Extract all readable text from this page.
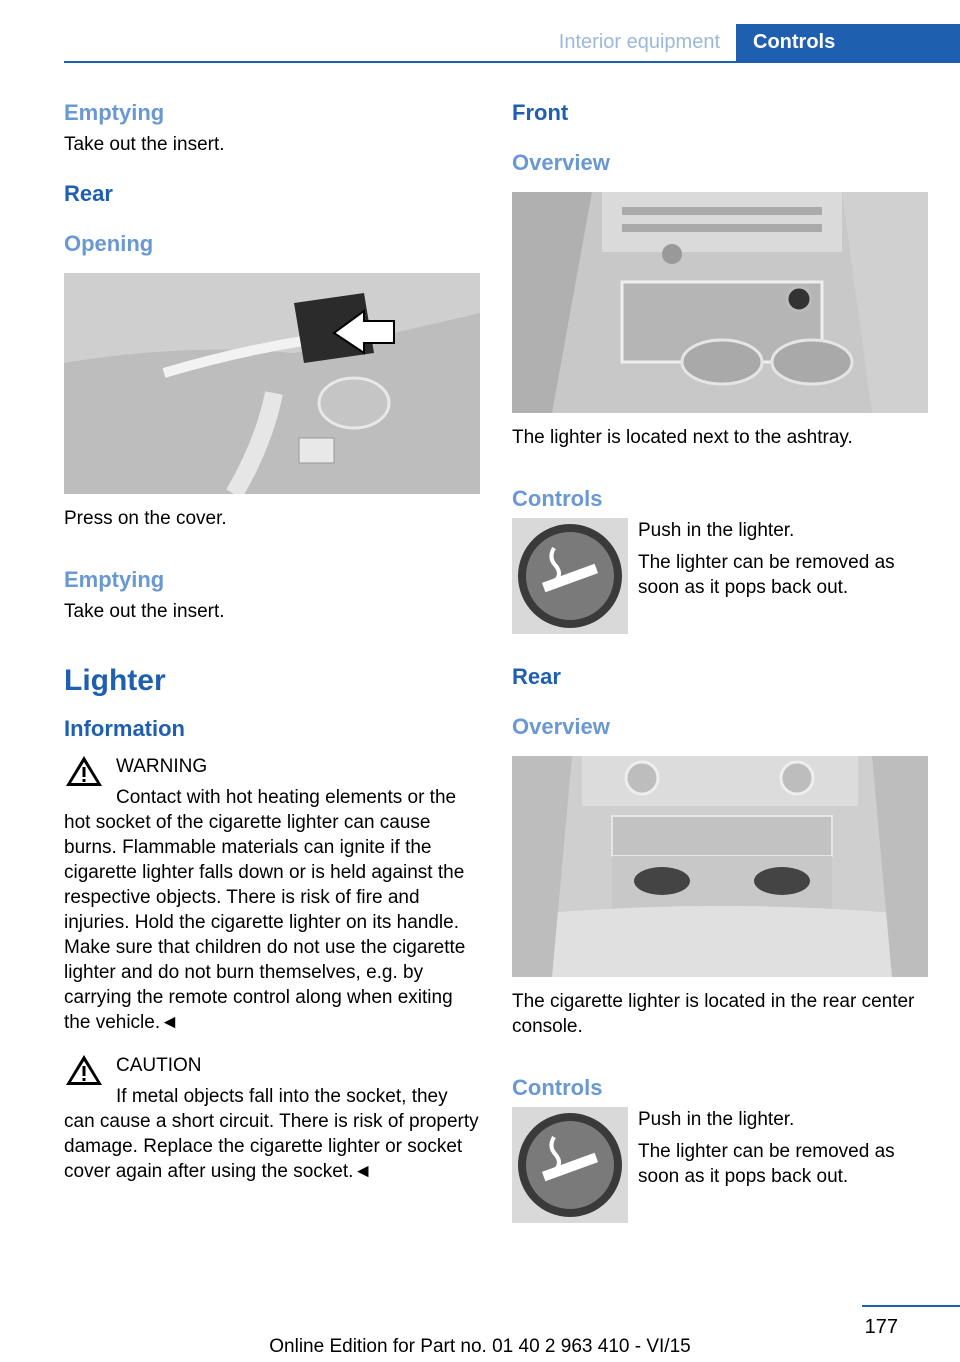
Interior equipment	Controls
Emptying

Take out the insert.

Rear
Opening

Press on the cover.

Emptying

Take out the insert.

Lighter
Information

WARNING

Contact with hot heating elements or the hot socket of the cigarette lighter can cause burns. Flammable materials can ignite if the cigarette lighter falls down or is held against the respective objects. There is risk of fire and injuries. Hold the cigarette lighter on its handle. Make sure that children do not use the cigarette lighter and do not burn themselves, e.g. by carrying the remote control along when exiting the vehicle.◄

CAUTION

If metal objects fall into the socket, they can cause a short circuit. There is risk of property damage. Replace the cigarette lighter or socket cover again after using the socket.◄

Front
Overview

The lighter is located next to the ashtray.

Controls

Push in the lighter.

The lighter can be removed as soon as it pops back out.

Rear
Overview

The cigarette lighter is located in the rear center console.

Controls

Push in the lighter.

The lighter can be removed as soon as it pops back out.

177
Online Edition for Part no. 01 40 2 963 410 - VI/15
